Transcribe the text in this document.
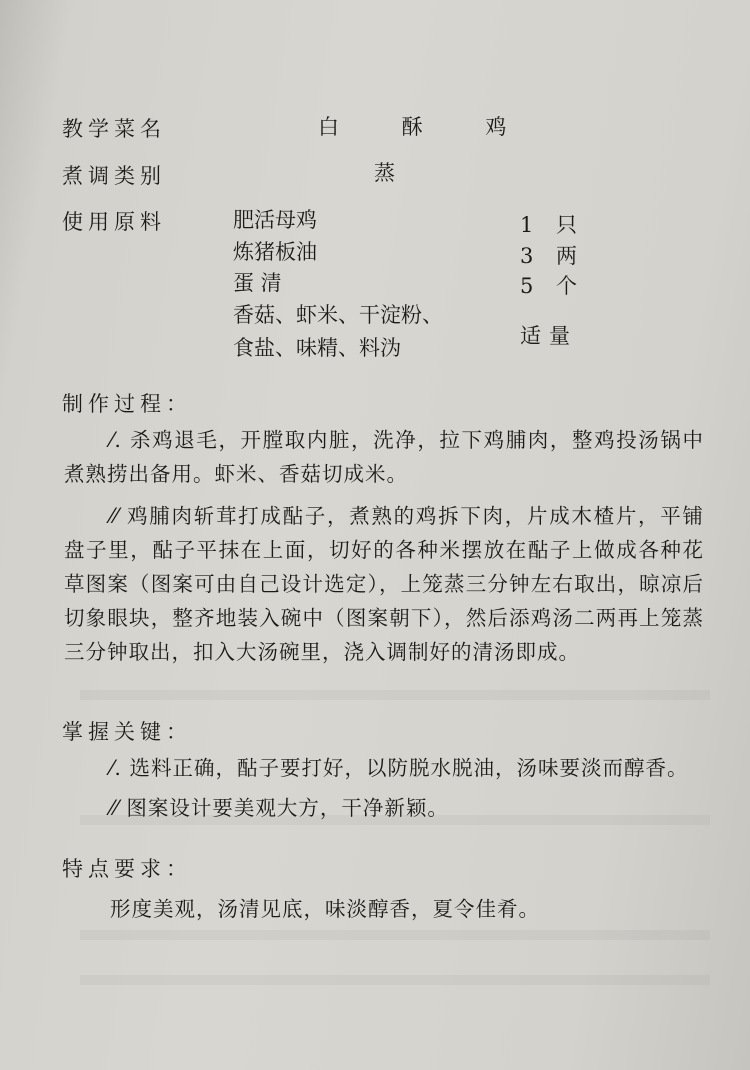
教学菜名	白 酥 鸡
煮调类别	蒸
使用原料	肥活母鸡	1 只
炼猪板油	3 两
蛋 清	5 个
香菇、虾米、干淀粉、
食盐、味精、料沩	适量
制作过程：
⁄. 杀鸡退毛，开膛取内脏，洗净，拉下鸡脯肉，整鸡投汤锅中煮熟捞出备用。虾米、香菇切成米。
⁄⁄ 鸡脯肉斩茸打成酟子，煮熟的鸡拆下肉，片成木楂片，平铺盘子里，酟子平抹在上面，切好的各种米摆放在酟子上做成各种花草图案（图案可由自己设计选定），上笼蒸三分钟左右取出，晾凉后切象眼块，整齐地装入碗中（图案朝下），然后添鸡汤二两再上笼蒸三分钟取出，扣入大汤碗里，浇入调制好的清汤即成。
掌握关键：
⁄. 选料正确，酟子要打好，以防脱水脱油，汤味要淡而醇香。
⁄⁄ 图案设计要美观大方，干净新颖。
特点要求：
形度美观，汤清见底，味淡醇香，夏令佳肴。
